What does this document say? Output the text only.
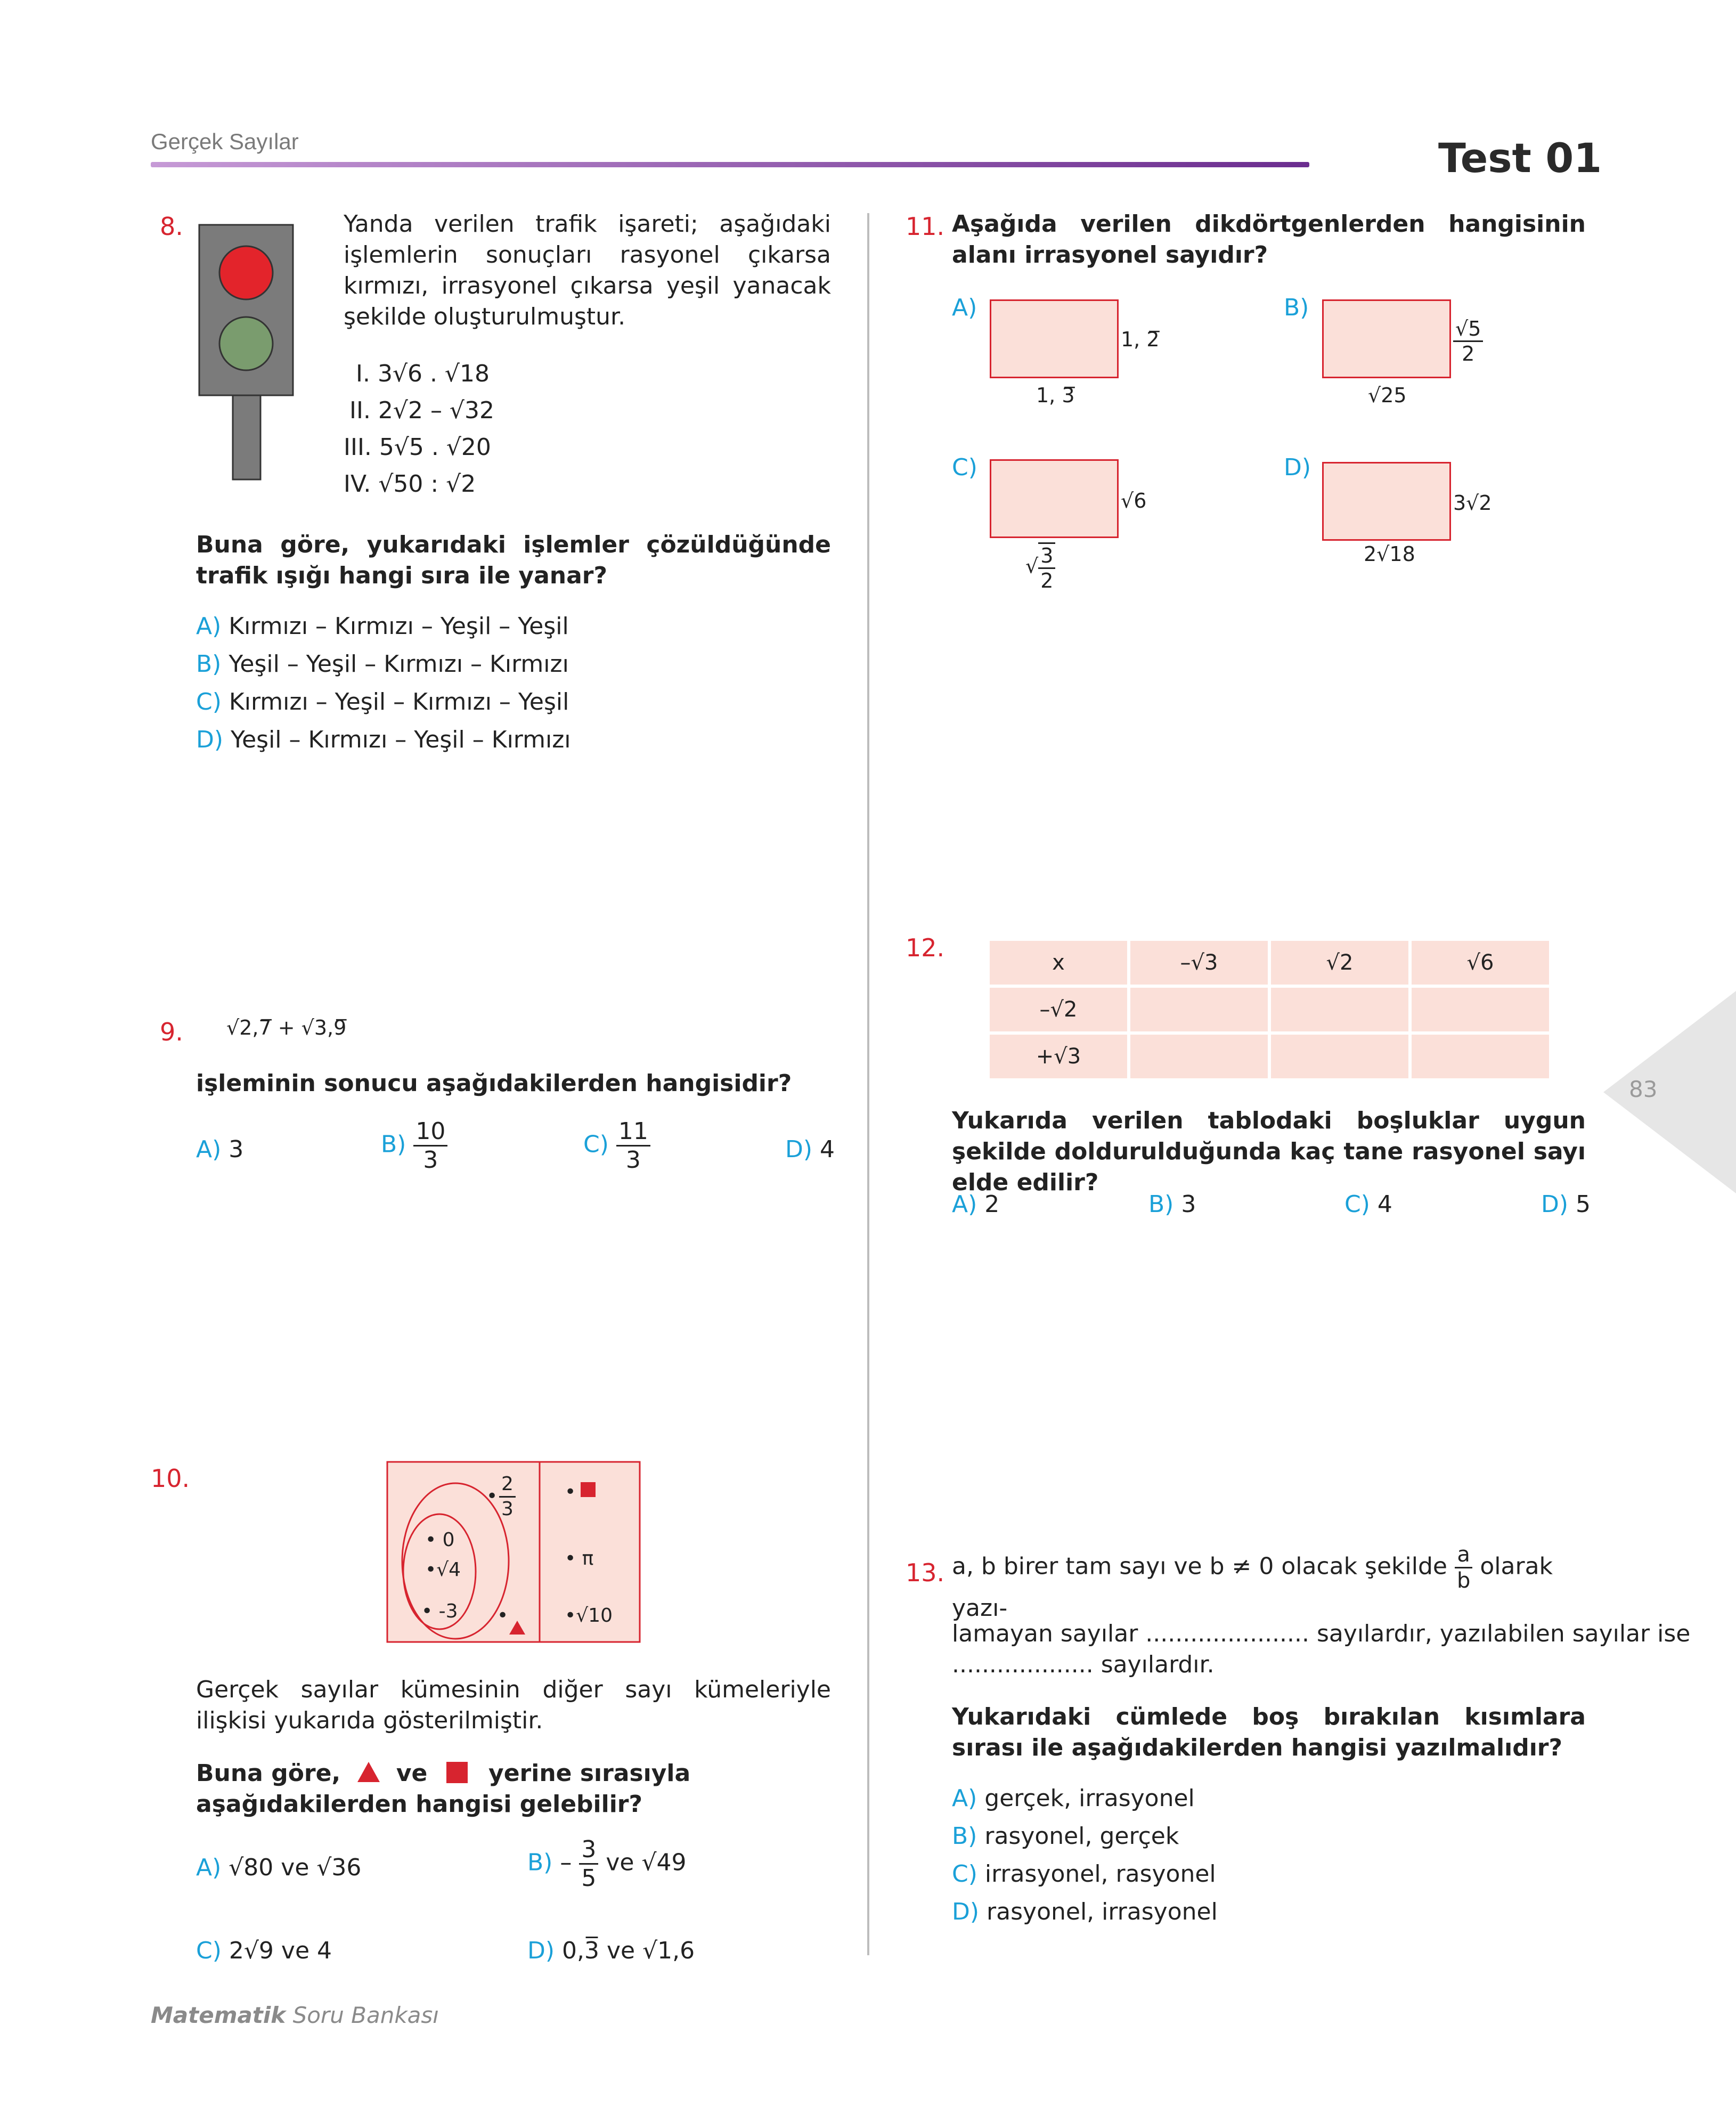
Gerçek Sayılar	Test 01
8.	Yanda verilen trafik işareti; aşağıdaki işlemlerin sonuçları rasyonel çıkarsa kırmızı, irrasyonel çıkarsa yeşil yanacak şekilde oluşturulmuştur.
I. 3√6 . √18
II. 2√2 – √32
III. 5√5 . √20
IV. √50 : √2
Buna göre, yukarıdaki işlemler çözüldüğünde trafik ışığı hangi sıra ile yanar?
A) Kırmızı – Kırmızı – Yeşil – Yeşil
B) Yeşil – Yeşil – Kırmızı – Kırmızı
C) Kırmızı – Yeşil – Kırmızı – Yeşil
D) Yeşil – Kırmızı – Yeşil – Kırmızı
9. √2,7̅ + √3,9̅
işleminin sonucu aşağıdakilerden hangisidir?
A) 3	$B) \frac{10}{3}$	$C) \frac{11}{3}$	D) 4
10.
• $\frac{2}{3}$
• 0
•√4
• -3
•
• π
•√10
•
Gerçek sayılar kümesinin diğer sayı kümeleriyle ilişkisi yukarıda gösterilmiştir.
Buna göre, ve	yerine sırasıyla aşağıdakilerden hangisi gelebilir?
A) √80 ve √36	$B) - \frac{3}{5}$ ve √49
C) 2√9 ve 4	D) 0,3̅ ve √1,6
11. Aşağıda verilen dikdörtgenlerden hangisinin alanı irrasyonel sayıdır?
A)
1, 2̅
1, 3̅
B)
$\frac{√5}{2}$
√25
C)
√6
√ $\frac{3}{2}$
D)
3√2
2√18
12.
x	–√3	√2	√6
–√2			
+√3			
Yukarıda verilen tablodaki boşluklar uygun şekilde doldurulduğunda kaç tane rasyonel sayı elde edilir?
A) 2	B) 3	C) 4	D) 5
83
13. a, b birer tam sayı ve b ≠ 0 olacak şekilde $\frac{a}{b}$ olarak yazı-
lamayan sayılar ...................... sayılardır, yazılabilen sayılar ise
................... sayılardır.
Yukarıdaki cümlede boş bırakılan kısımlara sırası ile aşağıdakilerden hangisi yazılmalıdır?
A) gerçek, irrasyonel
B) rasyonel, gerçek
C) irrasyonel, rasyonel
D) rasyonel, irrasyonel
Matematik Soru Bankası
